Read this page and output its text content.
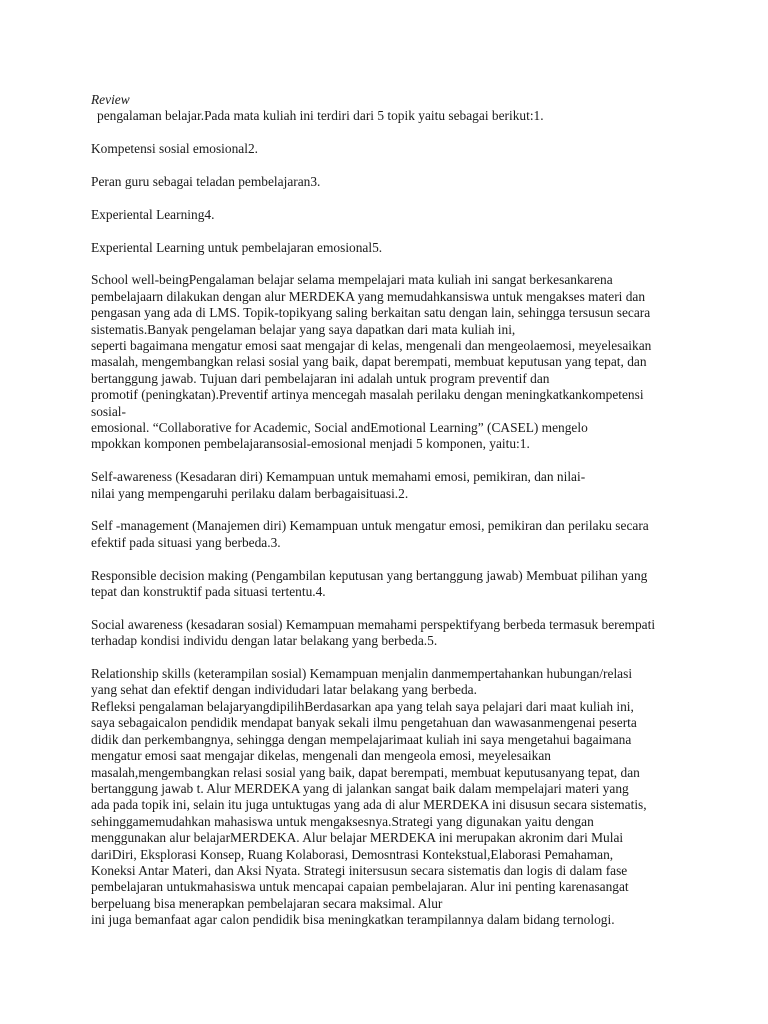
Review

pengalaman belajar.Pada mata kuliah ini terdiri dari 5 topik yaitu sebagai berikut:1.
Kompetensi sosial emosional2.
Peran guru sebagai teladan pembelajaran3.
Experiental Learning4.
Experiental Learning untuk pembelajaran emosional5.
School well-beingPengalaman belajar selama mempelajari mata kuliah ini sangat berkesankarena
pembelajaarn dilakukan dengan alur MERDEKA yang memudahkansiswa untuk mengakses materi dan
pengasan yang ada di LMS. Topik-topikyang saling berkaitan satu dengan lain, sehingga tersusun secara
sistematis.Banyak pengelaman belajar yang saya dapatkan dari mata kuliah ini,
seperti bagaimana mengatur emosi saat mengajar di kelas, mengenali dan mengeolaemosi, meyelesaikan
masalah, mengembangkan relasi sosial yang baik, dapat berempati, membuat keputusan yang tepat, dan
bertanggung jawab. Tujuan dari pembelajaran ini adalah untuk program preventif dan
promotif (peningkatan).Preventif artinya mencegah masalah perilaku dengan meningkatkankompetensi
sosial-
emosional. “Collaborative for Academic, Social andEmotional Learning” (CASEL) mengelo
mpokkan komponen pembelajaransosial-emosional menjadi 5 komponen, yaitu:1.
Self-awareness (Kesadaran diri) Kemampuan untuk memahami emosi, pemikiran, dan nilai-
nilai yang mempengaruhi perilaku dalam berbagaisituasi.2.
Self -management (Manajemen diri) Kemampuan untuk mengatur emosi, pemikiran dan perilaku secara
efektif pada situasi yang berbeda.3.
Responsible decision making (Pengambilan keputusan yang bertanggung jawab) Membuat pilihan yang
tepat dan konstruktif pada situasi tertentu.4.
Social awareness (kesadaran sosial) Kemampuan memahami perspektifyang berbeda termasuk berempati
terhadap kondisi individu dengan latar belakang yang berbeda.5.
Relationship skills (keterampilan sosial) Kemampuan menjalin danmempertahankan hubungan/relasi
yang sehat dan efektif dengan individudari latar belakang yang berbeda.
Refleksi pengalaman belajaryangdipilihBerdasarkan apa yang telah saya pelajari dari maat kuliah ini,
saya sebagaicalon pendidik mendapat banyak sekali ilmu pengetahuan dan wawasanmengenai peserta
didik dan perkembangnya, sehingga dengan mempelajarimaat kuliah ini saya mengetahui bagaimana
mengatur emosi saat mengajar dikelas, mengenali dan mengeola emosi, meyelesaikan
masalah,mengembangkan relasi sosial yang baik, dapat berempati, membuat keputusanyang tepat, dan
bertanggung jawab t. Alur MERDEKA yang di jalankan sangat baik dalam mempelajari materi yang
ada pada topik ini, selain itu juga untuktugas yang ada di alur MERDEKA ini disusun secara sistematis,
sehinggamemudahkan mahasiswa untuk mengaksesnya.Strategi yang digunakan yaitu dengan
menggunakan alur belajarMERDEKA. Alur belajar MERDEKA ini merupakan akronim dari Mulai
dariDiri, Eksplorasi Konsep, Ruang Kolaborasi, Demosntrasi Kontekstual,Elaborasi Pemahaman,
Koneksi Antar Materi, dan Aksi Nyata. Strategi initersusun secara sistematis dan logis di dalam fase
pembelajaran untukmahasiswa untuk mencapai capaian pembelajaran. Alur ini penting karenasangat
berpeluang bisa menerapkan pembelajaran secara maksimal. Alur
ini juga bemanfaat agar calon pendidik bisa meningkatkan terampilannya dalam bidang ternologi.
